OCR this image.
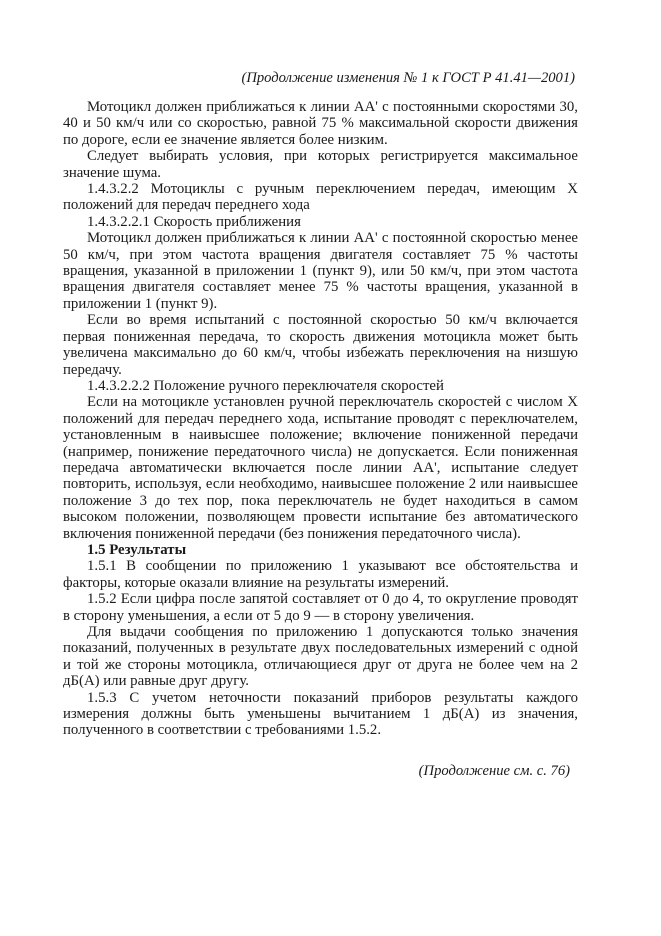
(Продолжение изменения № 1 к ГОСТ Р 41.41—2001)

Мотоцикл должен приближаться к линии АА' с постоянными скоростями 30, 40 и 50 км/ч или со скоростью, равной 75 % максимальной скорости движения по дороге, если ее значение является более низким.

Следует выбирать условия, при которых регистрируется максимальное значение шума.

1.4.3.2.2 Мотоциклы с ручным переключением передач, имеющим X положений для передач переднего хода

1.4.3.2.2.1 Скорость приближения

Мотоцикл должен приближаться к линии АА' с постоянной скоростью менее 50 км/ч, при этом частота вращения двигателя составляет 75 % частоты вращения, указанной в приложении 1 (пункт 9), или 50 км/ч, при этом частота вращения двигателя составляет менее 75 % частоты вращения, указанной в приложении 1 (пункт 9).

Если во время испытаний с постоянной скоростью 50 км/ч включается первая пониженная передача, то скорость движения мотоцикла может быть увеличена максимально до 60 км/ч, чтобы избежать переключения на низшую передачу.

1.4.3.2.2.2 Положение ручного переключателя скоростей

Если на мотоцикле установлен ручной переключатель скоростей с числом X положений для передач переднего хода, испытание проводят с переключателем, установленным в наивысшее положение; включение пониженной передачи (например, понижение передаточного числа) не допускается. Если пониженная передача автоматически включается после линии АА', испытание следует повторить, используя, если необходимо, наивысшее положение 2 или наивысшее положение 3 до тех пор, пока переключатель не будет находиться в самом высоком положении, позволяющем провести испытание без автоматического включения пониженной передачи (без понижения передаточного числа).

1.5 Результаты

1.5.1 В сообщении по приложению 1 указывают все обстоятельства и факторы, которые оказали влияние на результаты измерений.

1.5.2 Если цифра после запятой составляет от 0 до 4, то округление проводят в сторону уменьшения, а если от 5 до 9 — в сторону увеличения.

Для выдачи сообщения по приложению 1 допускаются только значения показаний, полученных в результате двух последовательных измерений с одной и той же стороны мотоцикла, отличающиеся друг от друга не более чем на 2 дБ(А) или равные друг другу.

1.5.3 С учетом неточности показаний приборов результаты каждого измерения должны быть уменьшены вычитанием 1 дБ(А) из значения, полученного в соответствии с требованиями 1.5.2.

(Продолжение см. с. 76)
